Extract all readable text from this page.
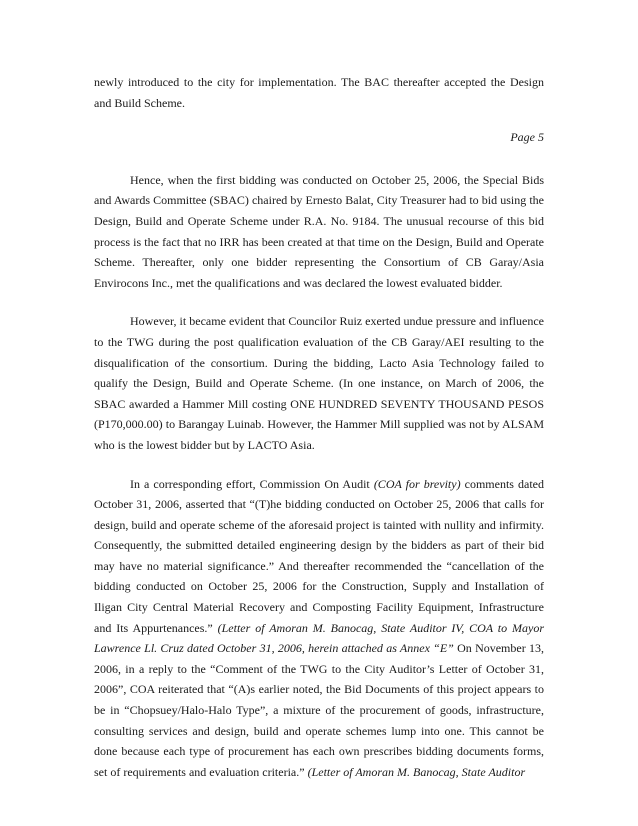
newly introduced to the city for implementation. The BAC thereafter accepted the Design and Build Scheme.

Page 5

Hence, when the first bidding was conducted on October 25, 2006, the Special Bids and Awards Committee (SBAC) chaired by Ernesto Balat, City Treasurer had to bid using the Design, Build and Operate Scheme under R.A. No. 9184. The unusual recourse of this bid process is the fact that no IRR has been created at that time on the Design, Build and Operate Scheme. Thereafter, only one bidder representing the Consortium of CB Garay/Asia Envirocons Inc., met the qualifications and was declared the lowest evaluated bidder.

However, it became evident that Councilor Ruiz exerted undue pressure and influence to the TWG during the post qualification evaluation of the CB Garay/AEI resulting to the disqualification of the consortium. During the bidding, Lacto Asia Technology failed to qualify the Design, Build and Operate Scheme. (In one instance, on March of 2006, the SBAC awarded a Hammer Mill costing ONE HUNDRED SEVENTY THOUSAND PESOS (P170,000.00) to Barangay Luinab. However, the Hammer Mill supplied was not by ALSAM who is the lowest bidder but by LACTO Asia.

In a corresponding effort, Commission On Audit (COA for brevity) comments dated October 31, 2006, asserted that “(T)he bidding conducted on October 25, 2006 that calls for design, build and operate scheme of the aforesaid project is tainted with nullity and infirmity. Consequently, the submitted detailed engineering design by the bidders as part of their bid may have no material significance.” And thereafter recommended the “cancellation of the bidding conducted on October 25, 2006 for the Construction, Supply and Installation of Iligan City Central Material Recovery and Composting Facility Equipment, Infrastructure and Its Appurtenances.” (Letter of Amoran M. Banocag, State Auditor IV, COA to Mayor Lawrence Ll. Cruz dated October 31, 2006, herein attached as Annex “E” On November 13, 2006, in a reply to the “Comment of the TWG to the City Auditor’s Letter of October 31, 2006”, COA reiterated that “(A)s earlier noted, the Bid Documents of this project appears to be in “Chopsuey/Halo-Halo Type”, a mixture of the procurement of goods, infrastructure, consulting services and design, build and operate schemes lump into one. This cannot be done because each type of procurement has each own prescribes bidding documents forms, set of requirements and evaluation criteria.” (Letter of Amoran M. Banocag, State Auditor
